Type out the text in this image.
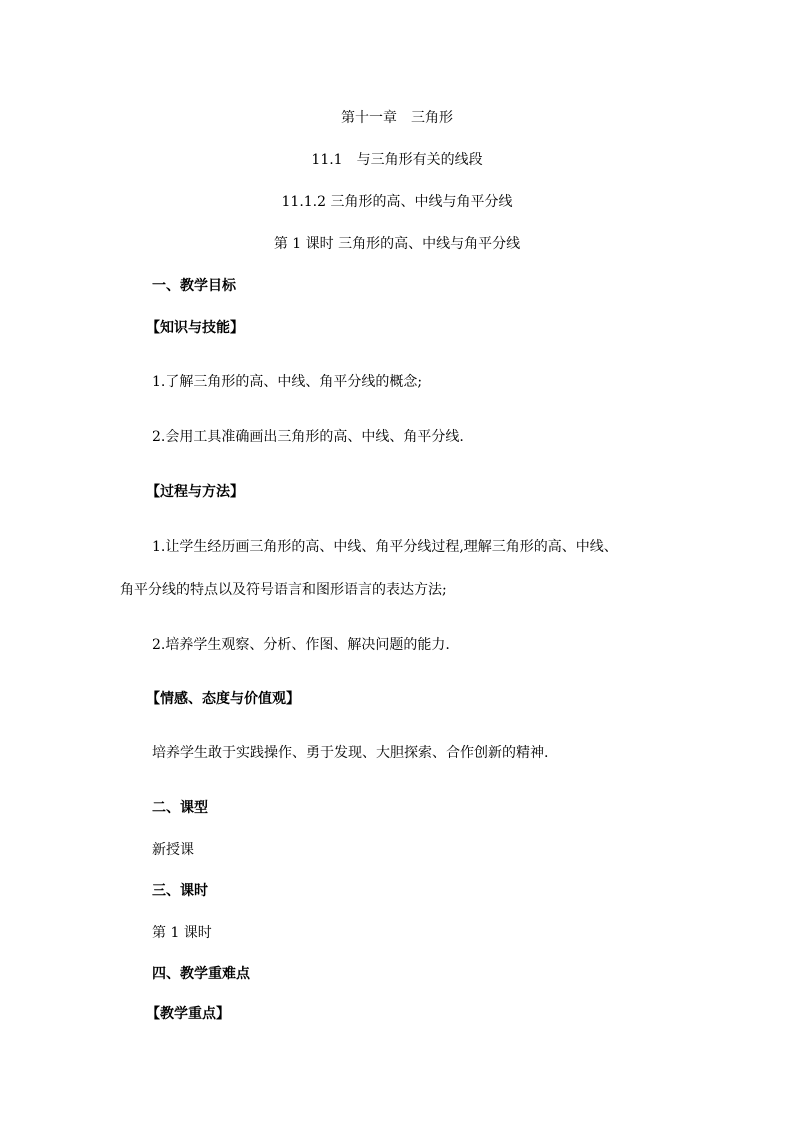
第十一章　三角形
11.1　与三角形有关的线段
11.1.2 三角形的高、中线与角平分线
第 1 课时 三角形的高、中线与角平分线
一、教学目标
【知识与技能】
1.了解三角形的高、中线、角平分线的概念;
2.会用工具准确画出三角形的高、中线、角平分线.
【过程与方法】
1.让学生经历画三角形的高、中线、角平分线过程,理解三角形的高、中线、
角平分线的特点以及符号语言和图形语言的表达方法;
2.培养学生观察、分析、作图、解决问题的能力.
【情感、态度与价值观】
培养学生敢于实践操作、勇于发现、大胆探索、合作创新的精神.
二、课型
新授课
三、课时
第 1 课时
四、教学重难点
【教学重点】
